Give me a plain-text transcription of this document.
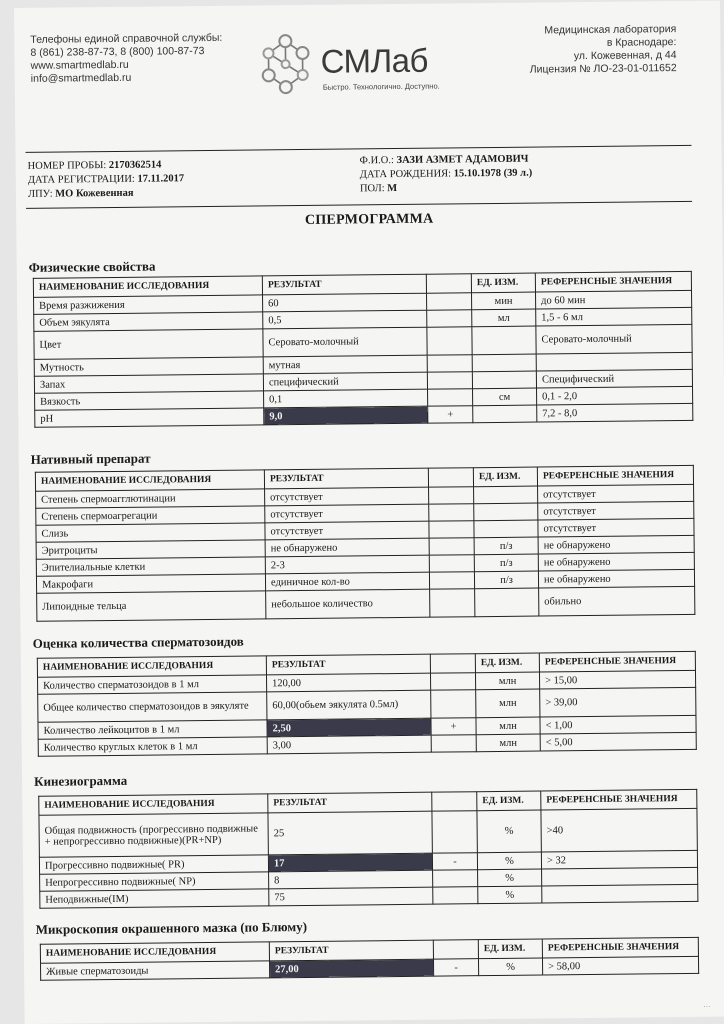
Телефоны единой справочной службы:
8 (861) 238-87-73, 8 (800) 100-87-73
www.smartmedlab.ru
info@smartmedlab.ru	СМЛаб
Быстро. Технологично. Доступно.
Медицинская лаборатория
в Краснодаре:
ул. Кожевенная, д 44
Лицензия № ЛО-23-01-011652
НОМЕР ПРОБЫ: 2170362514
ДАТА РЕГИСТРАЦИИ: 17.11.2017
ЛПУ: МО Кожевенная
Ф.И.О.: ЗАЗИ АЗМЕТ АДАМОВИЧ
ДАТА РОЖДЕНИЯ: 15.10.1978 (39 л.)
ПОЛ: М
СПЕРМОГРАММА
Физические свойства
НАИМЕНОВАНИЕ ИССЛЕДОВАНИЯ	РЕЗУЛЬТАТ		ЕД. ИЗМ.	РЕФЕРЕНСНЫЕ ЗНАЧЕНИЯ
Время разжижения	60		мин	до 60 мин
Объем эякулята	0,5		мл	1,5 - 6 мл
Цвет	Серовато-молочный			Серовато-молочный
Мутность	мутная			
Запах	специфический			Специфический
Вязкость	0,1		см	0,1 - 2,0
pH	9,0	+		7,2 - 8,0
Нативный препарат
НАИМЕНОВАНИЕ ИССЛЕДОВАНИЯ	РЕЗУЛЬТАТ		ЕД. ИЗМ.	РЕФЕРЕНСНЫЕ ЗНАЧЕНИЯ
Степень спермоагглютинации	отсутствует			отсутствует
Степень спермоагрегации	отсутствует			отсутствует
Слизь	отсутствует			отсутствует
Эритроциты	не обнаружено		п/з	не обнаружено
Эпителиальные клетки	2-3		п/з	не обнаружено
Макрофаги	единичное кол-во		п/з	не обнаружено
Липоидные тельца	небольшое количество			обильно
Оценка количества сперматозоидов
НАИМЕНОВАНИЕ ИССЛЕДОВАНИЯ	РЕЗУЛЬТАТ		ЕД. ИЗМ.	РЕФЕРЕНСНЫЕ ЗНАЧЕНИЯ
Количество сперматозоидов в 1 мл	120,00		млн	> 15,00
Общее количество сперматозоидов в эякуляте	60,00(обьем эякулята 0.5мл)		млн	> 39,00
Количество лейкоцитов в 1 мл	2,50	+	млн	< 1,00
Количество круглых клеток в 1 мл	3,00		млн	< 5,00
Кинезиограмма
НАИМЕНОВАНИЕ ИССЛЕДОВАНИЯ	РЕЗУЛЬТАТ		ЕД. ИЗМ.	РЕФЕРЕНСНЫЕ ЗНАЧЕНИЯ
Общая подвижность (прогрессивно подвижные + непрогрессивно подвижные)(PR+NP)	25		%	>40
Прогрессивно подвижные( PR)	17	-	%	> 32
Непрогрессивно подвижные( NP)	8		%	
Неподвижные(IM)	75		%	
Микроскопия окрашенного мазка (по Блюму)
НАИМЕНОВАНИЕ ИССЛЕДОВАНИЯ	РЕЗУЛЬТАТ		ЕД. ИЗМ.	РЕФЕРЕНСНЫЕ ЗНАЧЕНИЯ
Живые сперматозоиды	27,00	-	%	> 58,00
…
